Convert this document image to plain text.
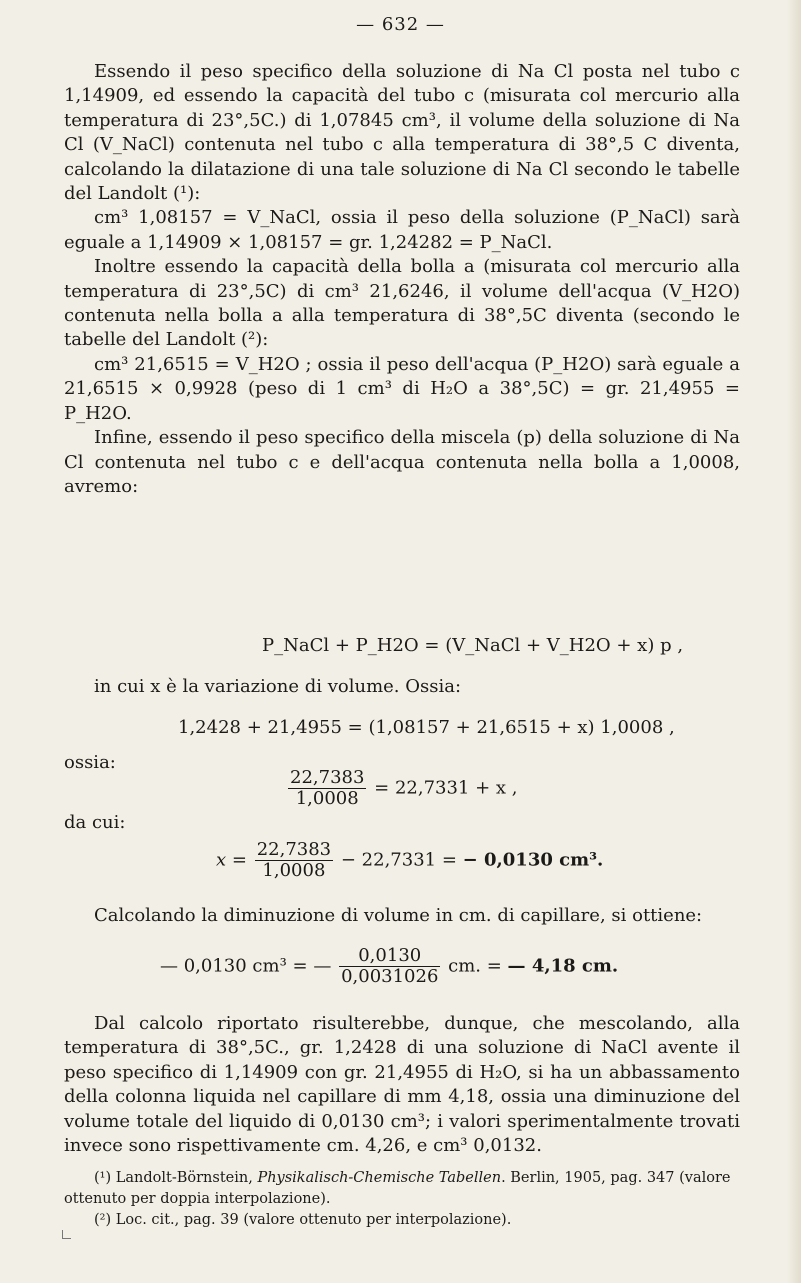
— 632 —

Essendo il peso specifico della soluzione di Na Cl posta nel tubo c 1,14909, ed essendo la capacità del tubo c (misurata col mercurio alla temperatura di 23°,5C.) di 1,07845 cm³, il volume della soluzione di Na Cl (V_NaCl) contenuta nel tubo c alla temperatura di 38°,5 C diventa, calcolando la dilatazione di una tale soluzione di Na Cl secondo le tabelle del Landolt (¹):

cm³ 1,08157 = V_NaCl, ossia il peso della soluzione (P_NaCl) sarà eguale a 1,14909 × 1,08157 = gr. 1,24282 = P_NaCl.

Inoltre essendo la capacità della bolla a (misurata col mercurio alla temperatura di 23°,5C) di cm³ 21,6246, il volume dell'acqua (V_H2O) contenuta nella bolla a alla temperatura di 38°,5C diventa (secondo le tabelle del Landolt (²):

cm³ 21,6515 = V_H2O ; ossia il peso dell'acqua (P_H2O) sarà eguale a 21,6515 × 0,9928 (peso di 1 cm³ di H₂O a 38°,5C) = gr. 21,4955 = P_H2O.

Infine, essendo il peso specifico della miscela (p) della soluzione di Na Cl contenuta nel tubo c e dell'acqua contenuta nella bolla a 1,0008, avremo:

P_NaCl + P_H2O = (V_NaCl + V_H2O + x) p ,
in cui x è la variazione di volume. Ossia:
1,2428 + 21,4955 = (1,08157 + 21,6515 + x) 1,0008 ,
ossia:
$\frac{22,7383}{1,0008} = 22,7331 + x$ ,
da cui:
$x = \frac{22,7383}{1,0008} - 22,7331$ = − 0,0130 cm³.
Calcolando la diminuzione di volume in cm. di capillare, si ottiene:
— 0,0130 cm³ = — $\frac{0,0130}{0,0031026}$ cm. = — 4,18 cm.

Dal calcolo riportato risulterebbe, dunque, che mescolando, alla temperatura di 38°,5C., gr. 1,2428 di una soluzione di NaCl avente il peso specifico di 1,14909 con gr. 21,4955 di H₂O, si ha un abbassamento della colonna liquida nel capillare di mm 4,18, ossia una diminuzione del volume totale del liquido di 0,0130 cm³; i valori sperimentalmente trovati invece sono rispettivamente cm. 4,26, e cm³ 0,0132.

(¹) Landolt-Börnstein, Physikalisch-Chemische Tabellen. Berlin, 1905, pag. 347 (valore ottenuto per doppia interpolazione).

(²) Loc. cit., pag. 39 (valore ottenuto per interpolazione).
